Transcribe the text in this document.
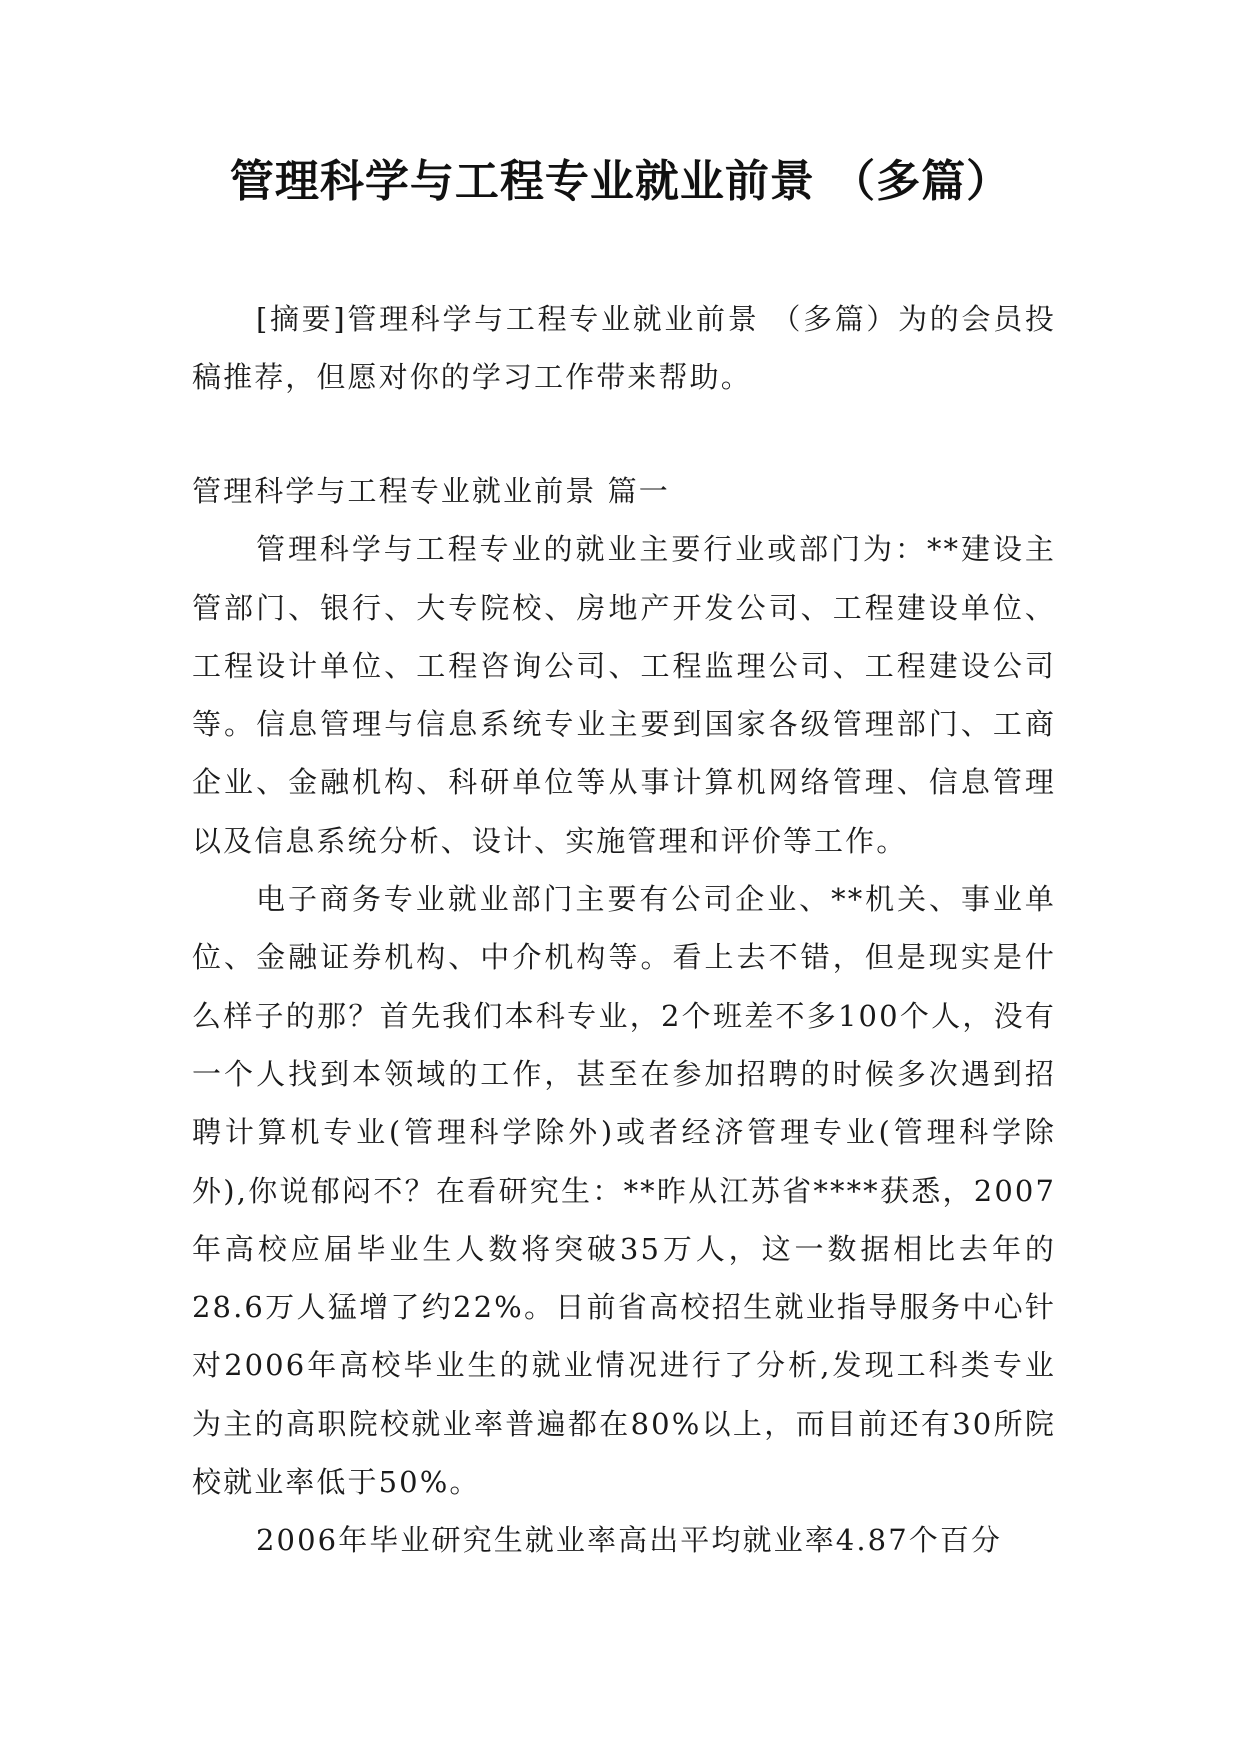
管理科学与工程专业就业前景 （多篇）

[摘要]管理科学与工程专业就业前景 （多篇）为的会员投稿推荐，但愿对你的学习工作带来帮助。

管理科学与工程专业就业前景 篇一

管理科学与工程专业的就业主要行业或部门为：**建设主管部门、银行、大专院校、房地产开发公司、工程建设单位、工程设计单位、工程咨询公司、工程监理公司、工程建设公司等。信息管理与信息系统专业主要到国家各级管理部门、工商企业、金融机构、科研单位等从事计算机网络管理、信息管理以及信息系统分析、设计、实施管理和评价等工作。

电子商务专业就业部门主要有公司企业、**机关、事业单位、金融证券机构、中介机构等。看上去不错，但是现实是什么样子的那？首先我们本科专业，2个班差不多100个人，没有一个人找到本领域的工作，甚至在参加招聘的时候多次遇到招聘计算机专业(管理科学除外)或者经济管理专业(管理科学除外),你说郁闷不？在看研究生：**昨从江苏省****获悉，2007年高校应届毕业生人数将突破35万人，这一数据相比去年的28.6万人猛增了约22%。日前省高校招生就业指导服务中心针对2006年高校毕业生的就业情况进行了分析,发现工科类专业为主的高职院校就业率普遍都在80%以上，而目前还有30所院校就业率低于50%。

2006年毕业研究生就业率高出平均就业率4.87个百分
